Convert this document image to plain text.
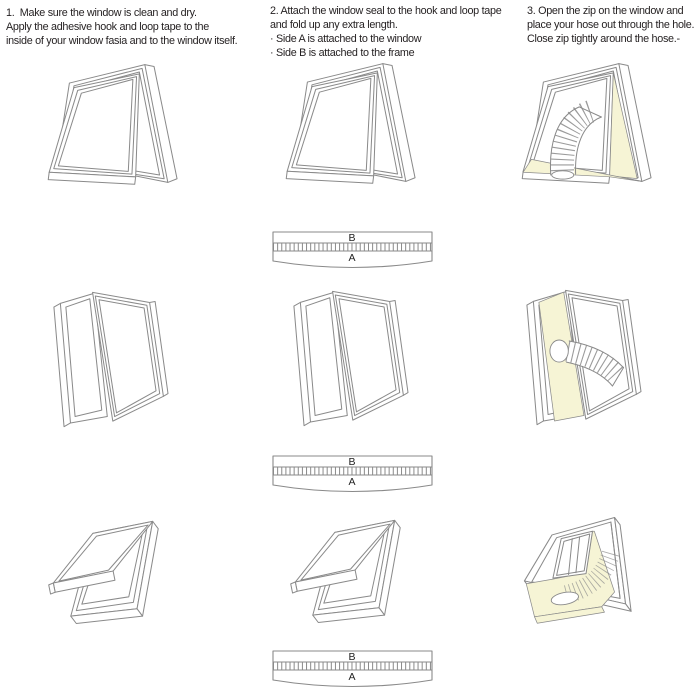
1.  Make sure the window is clean and dry.
Apply the adhesive hook and loop tape to the
inside of your window fasia and to the window itself.
2. Attach the window seal to the hook and loop tape
and fold up any extra length.
· Side A is attached to the window
· Side B is attached to the frame
3. Open the zip on the window and
place your hose out through the hole.
Close zip tightly around the hose.-
B
A
B
A
B
A
